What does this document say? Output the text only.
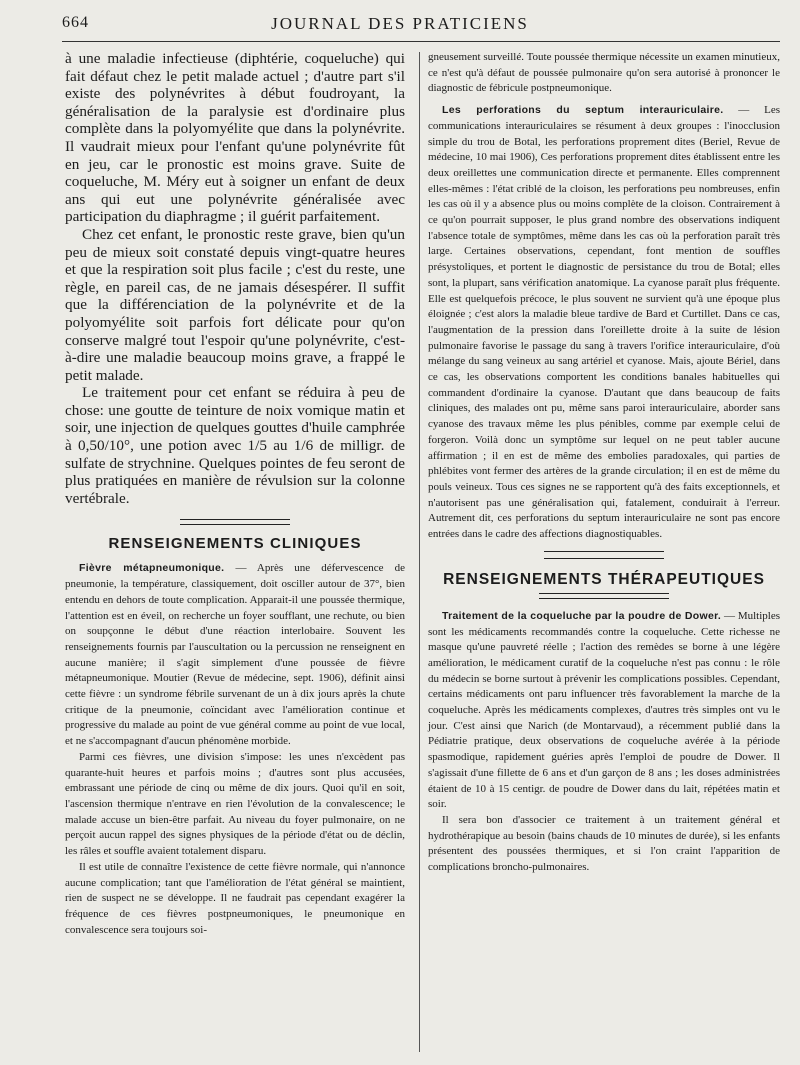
664	JOURNAL DES PRATICIENS

à une maladie infectieuse (diphtérie, coqueluche) qui fait défaut chez le petit malade actuel ; d'autre part s'il existe des polynévrites à début foudroyant, la généralisation de la paralysie est d'ordinaire plus complète dans la polyomyélite que dans la polynévrite. Il vaudrait mieux pour l'enfant qu'une polynévrite fût en jeu, car le pronostic est moins grave. Suite de coqueluche, M. Méry eut à soigner un enfant de deux ans qui eut une polynévrite généralisée avec participation du diaphragme ; il guérit parfaitement.

Chez cet enfant, le pronostic reste grave, bien qu'un peu de mieux soit constaté depuis vingt-quatre heures et que la respiration soit plus facile ; c'est du reste, une règle, en pareil cas, de ne jamais désespérer. Il suffit que la différenciation de la polynévrite et de la polyomyélite soit parfois fort délicate pour qu'on conserve malgré tout l'espoir qu'une polynévrite, c'est-à-dire une maladie beaucoup moins grave, a frappé le petit malade.

Le traitement pour cet enfant se réduira à peu de chose: une goutte de teinture de noix vomique matin et soir, une injection de quelques gouttes d'huile camphrée à 0,50/10°, une potion avec 1/5 au 1/6 de milligr. de sulfate de strychnine. Quelques pointes de feu seront de plus pratiquées en manière de révulsion sur la colonne vertébrale.

RENSEIGNEMENTS CLINIQUES

Fièvre métapneumonique. — Après une défervescence de pneumonie, la température, classiquement, doit osciller autour de 37°, bien entendu en dehors de toute complication. Apparait-il une poussée thermique, l'attention est en éveil, on recherche un foyer soufflant, une rechute, ou bien on soupçonne le début d'une réaction interlobaire. Souvent les renseignements fournis par l'auscultation ou la percussion ne renseignent en aucune manière; il s'agit simplement d'une poussée de fièvre métapneumonique. Moutier (Revue de médecine, sept. 1906), définit ainsi cette fièvre : un syndrome fébrile survenant de un à dix jours après la chute critique de la pneumonie, coïncidant avec l'amélioration continue et progressive du malade au point de vue général comme au point de vue local, et ne s'accompagnant d'aucun phénomène morbide.

Parmi ces fièvres, une division s'impose: les unes n'excèdent pas quarante-huit heures et parfois moins ; d'autres sont plus accusées, embrassant une période de cinq ou même de dix jours. Quoi qu'il en soit, l'ascension thermique n'entrave en rien l'évolution de la convalescence; le malade accuse un bien-être parfait. Au niveau du foyer pulmonaire, on ne perçoit aucun rappel des signes physiques de la période d'état ou de déclin, les râles et souffle avaient totalement disparu.

Il est utile de connaître l'existence de cette fièvre normale, qui n'annonce aucune complication; tant que l'amélioration de l'état général se maintient, rien de suspect ne se développe. Il ne faudrait pas cependant exagérer la fréquence de ces fièvres postpneumoniques, le pneumonique en convalescence sera toujours soi-

gneusement surveillé. Toute poussée thermique nécessite un examen minutieux, ce n'est qu'à défaut de poussée pulmonaire qu'on sera autorisé à prononcer le diagnostic de fébricule postpneumonique.

Les perforations du septum interauriculaire. — Les communications interauriculaires se résument à deux groupes : l'inocclusion simple du trou de Botal, les perforations proprement dites (Beriel, Revue de médecine, 10 mai 1906), Ces perforations proprement dites établissent entre les deux oreillettes une communication directe et permanente. Elles comprennent elles-mêmes : l'état criblé de la cloison, les perforations peu nombreuses, enfin les cas où il y a absence plus ou moins complète de la cloison. Contrairement à ce qu'on pourrait supposer, le plus grand nombre des observations indiquent l'absence totale de symptômes, même dans les cas où la perforation paraît très large. Certaines observations, cependant, font mention de souffles présystoliques, et portent le diagnostic de persistance du trou de Botal; elles sont, la plupart, sans vérification anatomique. La cyanose paraît plus fréquente. Elle est quelquefois précoce, le plus souvent ne survient qu'à une époque plus éloignée ; c'est alors la maladie bleue tardive de Bard et Curtillet. Dans ce cas, l'augmentation de la pression dans l'oreillette droite à la suite de lésion pulmonaire favorise le passage du sang à travers l'orifice interauriculaire, d'où mélange du sang veineux au sang artériel et cyanose. Mais, ajoute Bériel, dans ce cas, les observations comportent les conditions banales habituelles qui commandent d'ordinaire la cyanose. D'autant que dans beaucoup de faits cliniques, des malades ont pu, même sans paroi interauriculaire, aborder sans cyanose des travaux même les plus pénibles, comme par exemple celui de forgeron. Voilà donc un symptôme sur lequel on ne peut tabler aucune affirmation ; il en est de même des embolies paradoxales, qui parties de phlébites vont fermer des artères de la grande circulation; il en est de même du pouls veineux. Tous ces signes ne se rapportent qu'à des faits exceptionnels, et n'autorisent pas une généralisation qui, fatalement, conduirait à l'erreur. Autrement dit, ces perforations du septum interauriculaire ne sont pas encore entrées dans le cadre des affections diagnostiquables.

RENSEIGNEMENTS THÉRAPEUTIQUES

Traitement de la coqueluche par la poudre de Dower. — Multiples sont les médicaments recommandés contre la coqueluche. Cette richesse ne masque qu'une pauvreté réelle ; l'action des remèdes se borne à une légère amélioration, le médicament curatif de la coqueluche n'est pas connu : le rôle du médecin se borne surtout à prévenir les complications possibles. Cependant, certains médicaments ont paru influencer très favorablement la marche de la coqueluche. Après les médicaments complexes, d'autres très simples ont vu le jour. C'est ainsi que Narich (de Montarvaud), a récemment publié dans la Pédiatrie pratique, deux observations de coqueluche avérée à la période spasmodique, rapidement guéries après l'emploi de poudre de Dower. Il s'agissait d'une fillette de 6 ans et d'un garçon de 8 ans ; les doses administrées étaient de 10 à 15 centigr. de poudre de Dower dans du lait, répétées matin et soir.

Il sera bon d'associer ce traitement à un traitement général et hydrothérapique au besoin (bains chauds de 10 minutes de durée), si les enfants présentent des poussées thermiques, et si l'on craint l'apparition de complications broncho-pulmonaires.
